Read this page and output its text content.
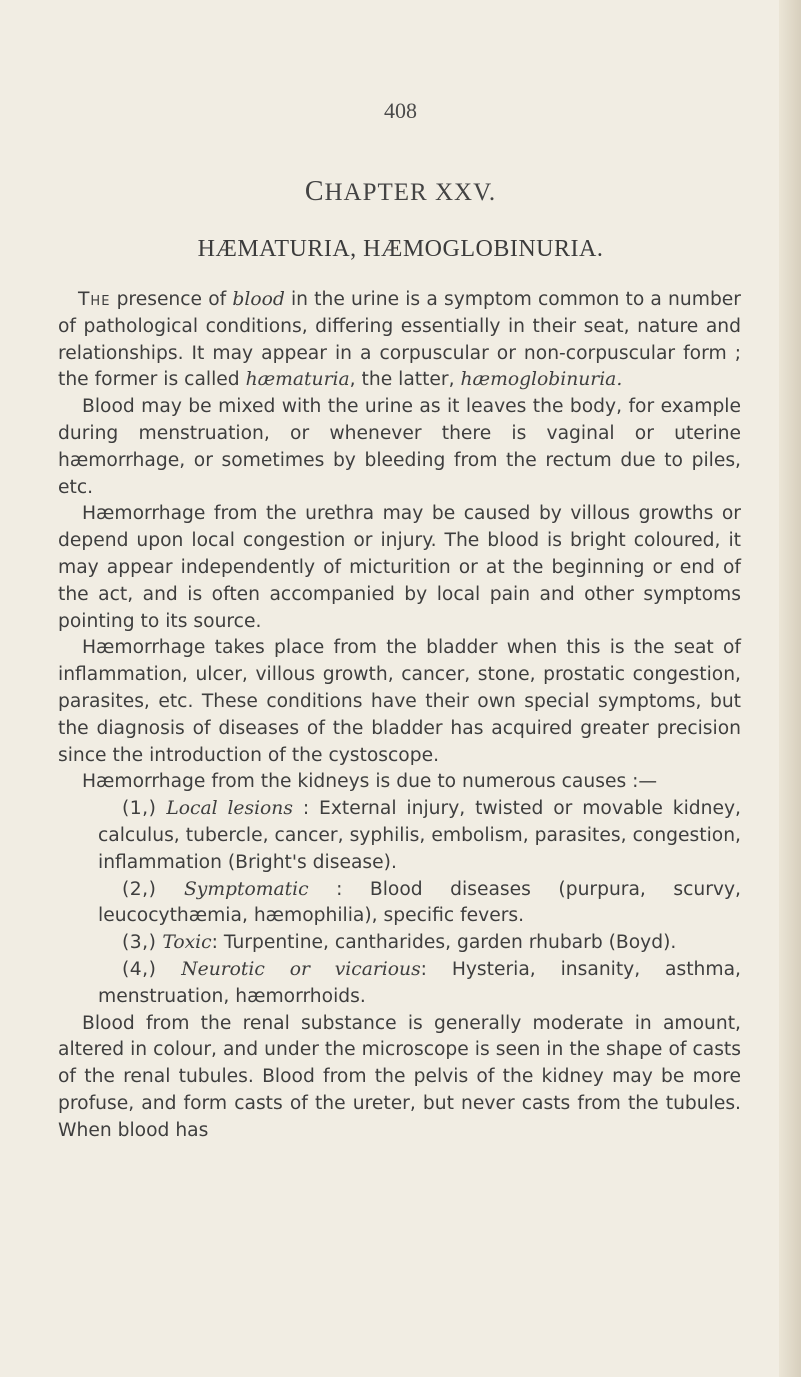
408
CHAPTER XXV.
HÆMATURIA, HÆMOGLOBINURIA.

The presence of blood in the urine is a symptom common to a number of pathological conditions, differing essentially in their seat, nature and relationships. It may appear in a corpuscular or non-corpuscular form ; the former is called hæmaturia, the latter, hæmoglobinuria.

Blood may be mixed with the urine as it leaves the body, for example during menstruation, or whenever there is vaginal or uterine hæmorrhage, or sometimes by bleeding from the rectum due to piles, etc.

Hæmorrhage from the urethra may be caused by villous growths or depend upon local congestion or injury. The blood is bright coloured, it may appear independently of micturition or at the beginning or end of the act, and is often accompanied by local pain and other symptoms pointing to its source.

Hæmorrhage takes place from the bladder when this is the seat of inflammation, ulcer, villous growth, cancer, stone, prostatic congestion, parasites, etc. These conditions have their own special symptoms, but the diagnosis of diseases of the bladder has acquired greater precision since the introduction of the cystoscope.

Hæmorrhage from the kidneys is due to numerous causes :—

(1,) Local lesions : External injury, twisted or movable kidney, calculus, tubercle, cancer, syphilis, embolism, parasites, congestion, inflammation (Bright's disease).

(2,) Symptomatic : Blood diseases (purpura, scurvy, leucocythæmia, hæmophilia), specific fevers.

(3,) Toxic: Turpentine, cantharides, garden rhubarb (Boyd).

(4,) Neurotic or vicarious: Hysteria, insanity, asthma, menstruation, hæmorrhoids.

Blood from the renal substance is generally moderate in amount, altered in colour, and under the microscope is seen in the shape of casts of the renal tubules. Blood from the pelvis of the kidney may be more profuse, and form casts of the ureter, but never casts from the tubules. When blood has
